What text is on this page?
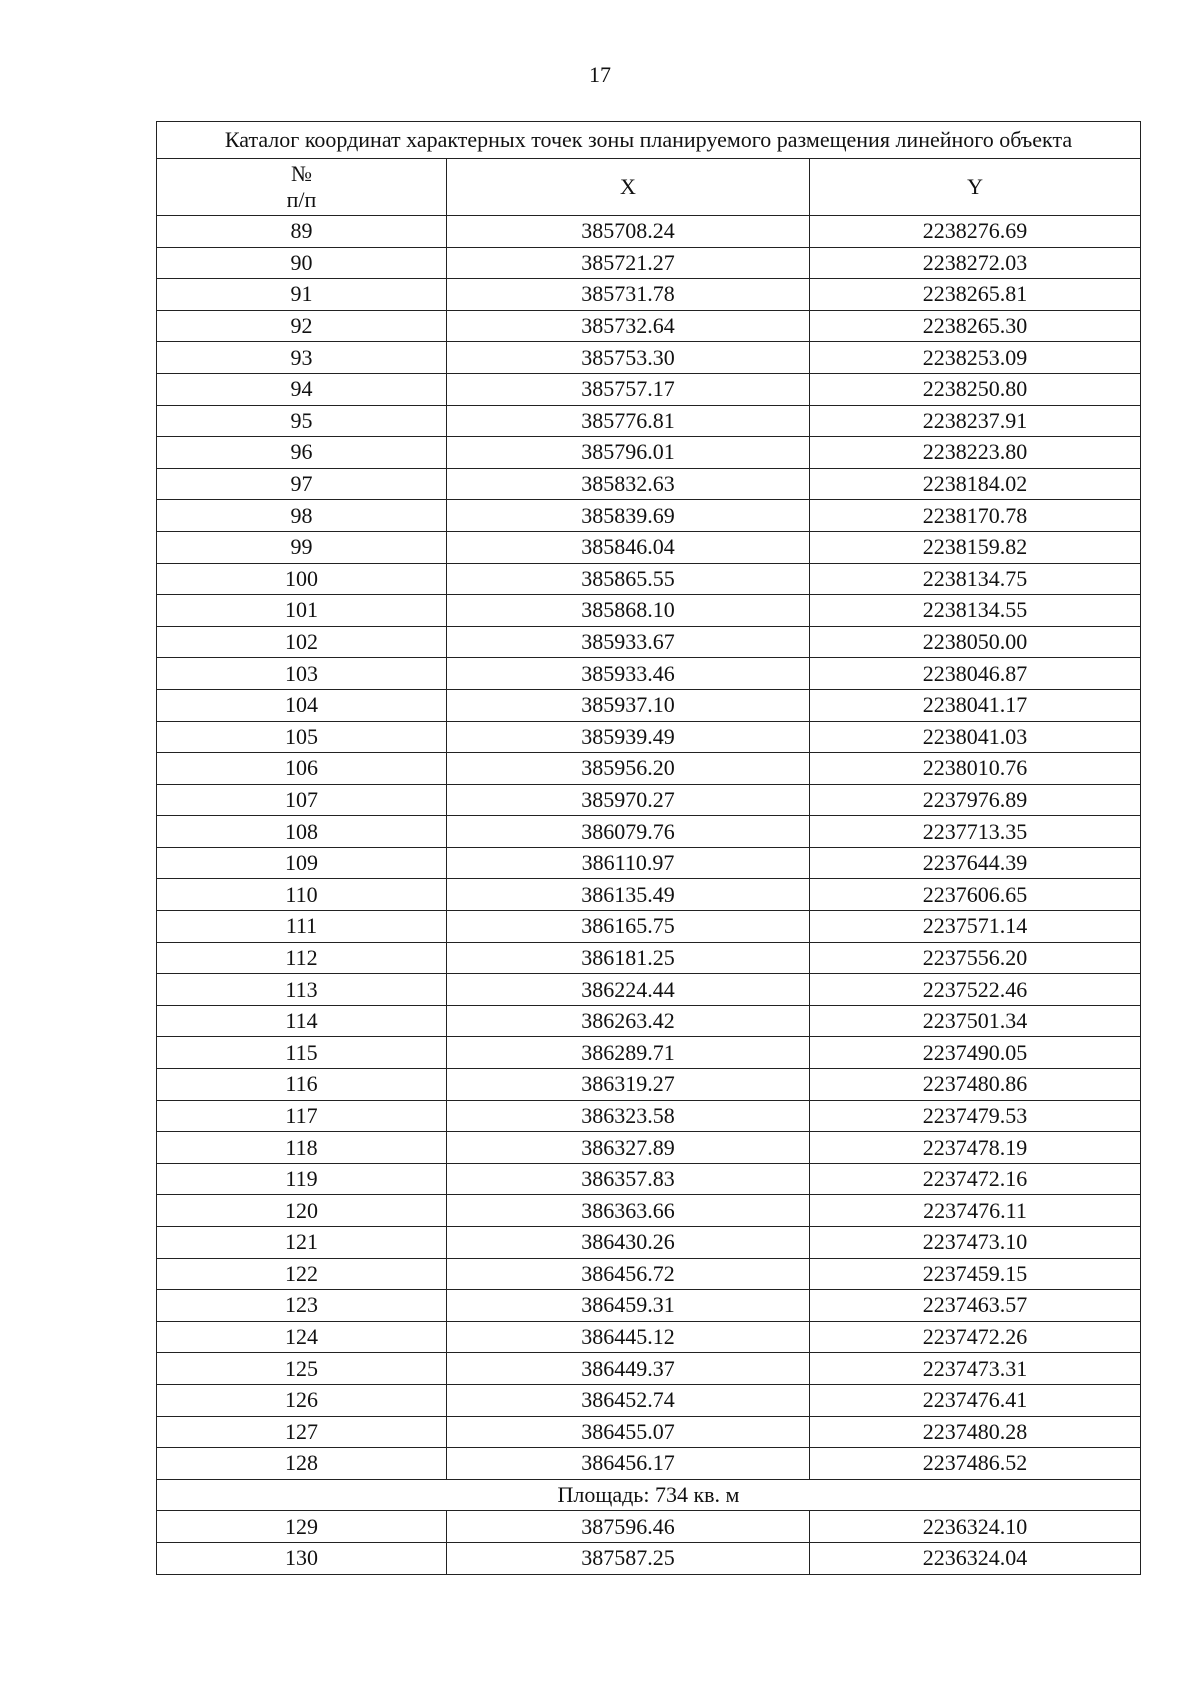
17
Каталог координат характерных точек зоны планируемого размещения линейного объекта		
№
п/п	X	Y
89	385708.24	2238276.69
90	385721.27	2238272.03
91	385731.78	2238265.81
92	385732.64	2238265.30
93	385753.30	2238253.09
94	385757.17	2238250.80
95	385776.81	2238237.91
96	385796.01	2238223.80
97	385832.63	2238184.02
98	385839.69	2238170.78
99	385846.04	2238159.82
100	385865.55	2238134.75
101	385868.10	2238134.55
102	385933.67	2238050.00
103	385933.46	2238046.87
104	385937.10	2238041.17
105	385939.49	2238041.03
106	385956.20	2238010.76
107	385970.27	2237976.89
108	386079.76	2237713.35
109	386110.97	2237644.39
110	386135.49	2237606.65
111	386165.75	2237571.14
112	386181.25	2237556.20
113	386224.44	2237522.46
114	386263.42	2237501.34
115	386289.71	2237490.05
116	386319.27	2237480.86
117	386323.58	2237479.53
118	386327.89	2237478.19
119	386357.83	2237472.16
120	386363.66	2237476.11
121	386430.26	2237473.10
122	386456.72	2237459.15
123	386459.31	2237463.57
124	386445.12	2237472.26
125	386449.37	2237473.31
126	386452.74	2237476.41
127	386455.07	2237480.28
128	386456.17	2237486.52
Площадь: 734 кв. м		
129	387596.46	2236324.10
130	387587.25	2236324.04
